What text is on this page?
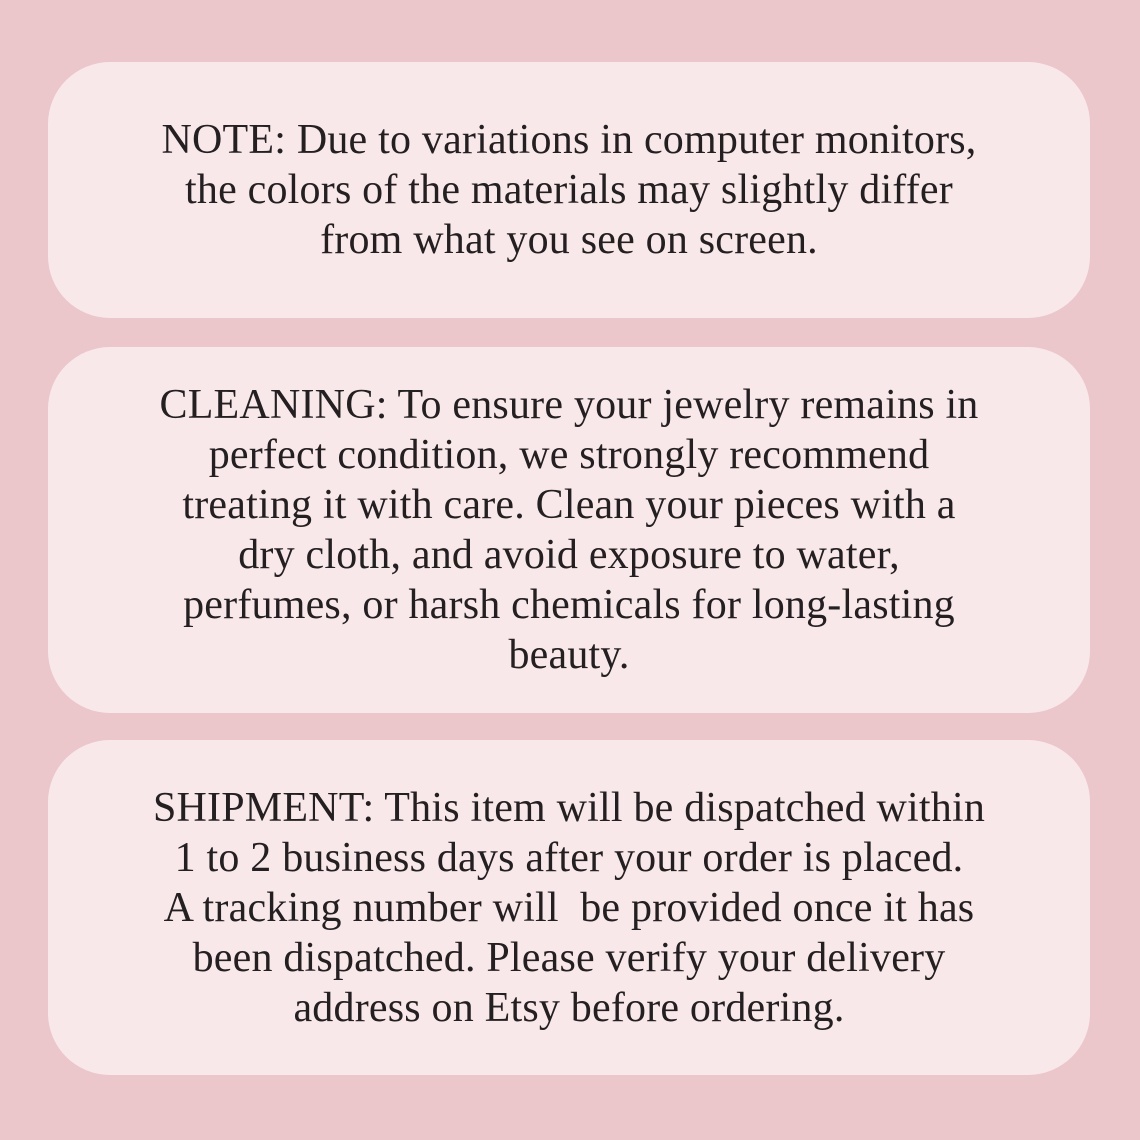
NOTE: Due to variations in computer monitors,
the colors of the materials may slightly differ
from what you see on screen.
CLEANING: To ensure your jewelry remains in
perfect condition, we strongly recommend
treating it with care. Clean your pieces with a
dry cloth, and avoid exposure to water,
perfumes, or harsh chemicals for long-lasting
beauty.
SHIPMENT: This item will be dispatched within
1 to 2 business days after your order is placed.
A tracking number will  be provided once it has
been dispatched. Please verify your delivery
address on Etsy before ordering.
